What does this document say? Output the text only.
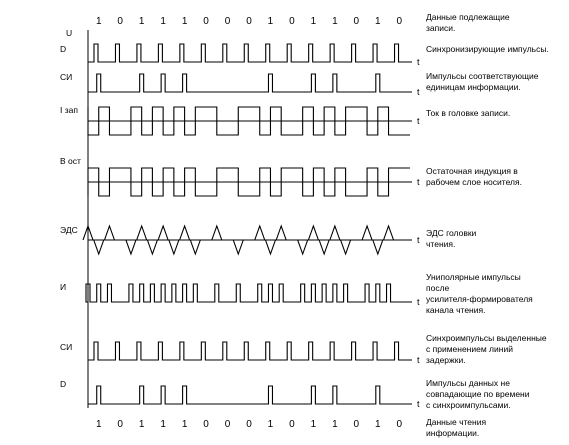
1 0 1 1 1 0 0 0 1 0 1 1 0 1 0	Данные подлежащие
записи.
U
D	Синхронизирующие импульсы.
t
СИ	Импульсы соответствующие
единицам информации.
t
I зап	Ток в головке записи.
t
B ост
Остаточная индукция в
рабочем слое носителя.
t
ЭДС	ЭДС головки
чтения.
t
И
Униполярные импульсы
после
усилителя-формирователя
канала чтения.
t
СИ
Синхроимпульсы выделенные
с применением линий
задержки.
t
D	Импульсы данных не
совпадающие по времени
с синхроимпульсами.
t
1 0 1 1 1 0 0 0 1 0 1 1 0 1 0	Данные чтения
информации.
